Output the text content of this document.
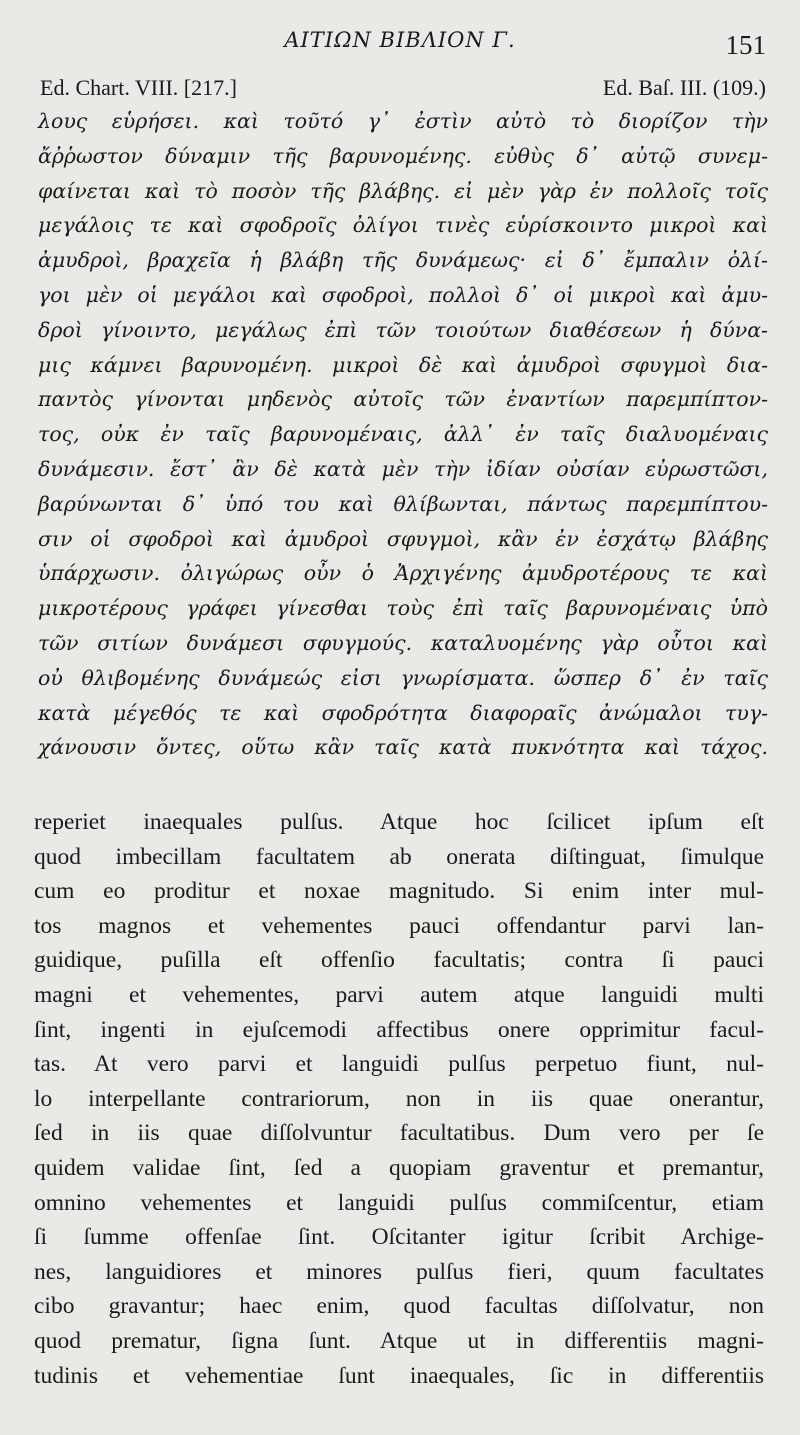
ΑΙΤΙΩΝ ΒΙΒΛΙΟΝ Γ.	151
Ed. Chart. VIII. [217.]	Ed. Baſ. III. (109.)
λους εὑρήσει. καὶ τοῦτό γ᾽ ἐστὶν αὐτὸ τὸ διορίζον τὴν
ἄῤῥωστον δύναμιν τῆς βαρυνομένης. εὐθὺς δ᾽ αὐτῷ συνεμ-
φαίνεται καὶ τὸ ποσὸν τῆς βλάβης. εἰ μὲν γὰρ ἐν πολλοῖς τοῖς
μεγάλοις τε καὶ σφοδροῖς ὀλίγοι τινὲς εὑρίσκοιντο μικροὶ καὶ
ἀμυδροὶ, βραχεῖα ἡ βλάβη τῆς δυνάμεως· εἰ δ᾽ ἔμπαλιν ὀλί-
γοι μὲν οἱ μεγάλοι καὶ σφοδροὶ, πολλοὶ δ᾽ οἱ μικροὶ καὶ ἀμυ-
δροὶ γίνοιντο, μεγάλως ἐπὶ τῶν τοιούτων διαθέσεων ἡ δύνα-
μις κάμνει βαρυνομένη. μικροὶ δὲ καὶ ἀμυδροὶ σφυγμοὶ δια-
παντὸς γίνονται μηδενὸς αὐτοῖς τῶν ἐναντίων παρεμπίπτον-
τος, οὐκ ἐν ταῖς βαρυνομέναις, ἀλλ᾽ ἐν ταῖς διαλυομέναις
δυνάμεσιν. ἔστ᾽ ἂν δὲ κατὰ μὲν τὴν ἰδίαν οὐσίαν εὐρωστῶσι,
βαρύνωνται δ᾽ ὑπό του καὶ θλίβωνται, πάντως παρεμπίπτου-
σιν οἱ σφοδροὶ καὶ ἀμυδροὶ σφυγμοὶ, κἂν ἐν ἐσχάτῳ βλάβης
ὑπάρχωσιν. ὀλιγώρως οὖν ὁ Ἀρχιγένης ἀμυδροτέρους τε καὶ
μικροτέρους γράφει γίνεσθαι τοὺς ἐπὶ ταῖς βαρυνομέναις ὑπὸ
τῶν σιτίων δυνάμεσι σφυγμούς. καταλυομένης γὰρ οὗτοι καὶ
οὐ θλιβομένης δυνάμεώς εἰσι γνωρίσματα. ὥσπερ δ᾽ ἐν ταῖς
κατὰ μέγεθός τε καὶ σφοδρότητα διαφοραῖς ἀνώμαλοι τυγ-
χάνουσιν ὄντες, οὕτω κἂν ταῖς κατὰ πυκνότητα καὶ τάχος.
reperiet inaequales pulſus. Atque hoc ſcilicet ipſum eſt
quod imbecillam facultatem ab onerata diſtinguat, ſimulque
cum eo proditur et noxae magnitudo. Si enim inter mul-
tos magnos et vehementes pauci offendantur parvi lan-
guidique, puſilla eſt offenſio facultatis; contra ſi pauci
magni et vehementes, parvi autem atque languidi multi
ſint, ingenti in ejuſcemodi affectibus onere opprimitur facul-
tas. At vero parvi et languidi pulſus perpetuo fiunt, nul-
lo interpellante contrariorum, non in iis quae onerantur,
ſed in iis quae diſſolvuntur facultatibus. Dum vero per ſe
quidem validae ſint, ſed a quopiam graventur et premantur,
omnino vehementes et languidi pulſus commiſcentur, etiam
ſi ſumme offenſae ſint. Oſcitanter igitur ſcribit Archige-
nes, languidiores et minores pulſus fieri, quum facultates
cibo gravantur; haec enim, quod facultas diſſolvatur, non
quod prematur, ſigna ſunt. Atque ut in differentiis magni-
tudinis et vehementiae ſunt inaequales, ſic in differentiis
